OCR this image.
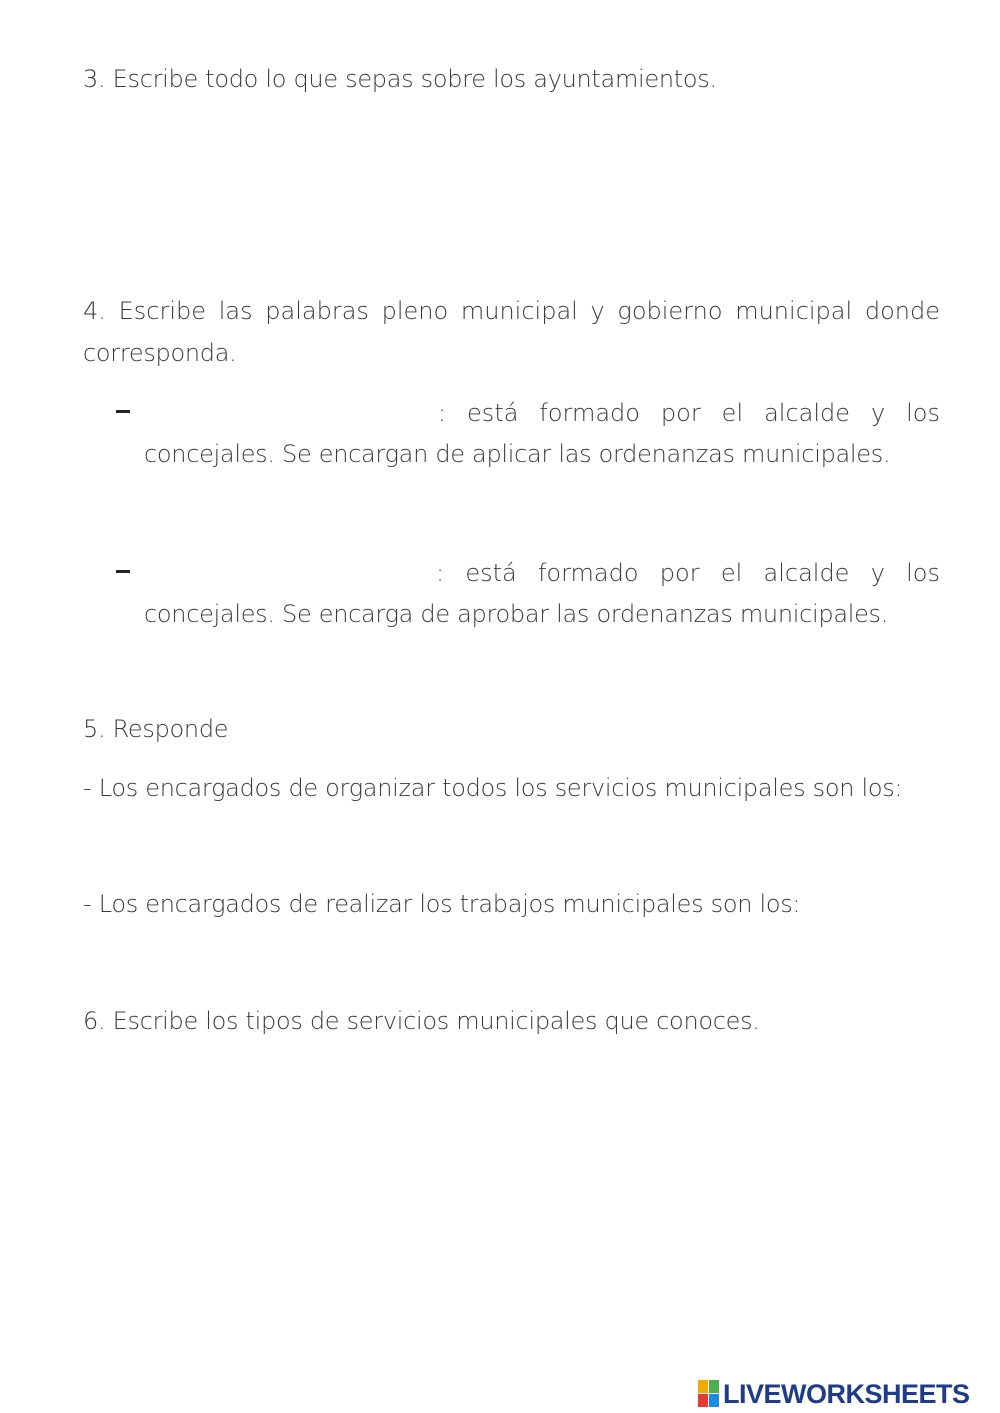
3. Escribe todo lo que sepas sobre los ayuntamientos.

4. Escribe las palabras pleno municipal y gobierno municipal donde

corresponda.

: está formado por el alcalde y los

concejales. Se encargan de aplicar las ordenanzas municipales.

: está formado por el alcalde y los

concejales. Se encarga de aprobar las ordenanzas municipales.

5. Responde

- Los encargados de organizar todos los servicios municipales son los:

- Los encargados de realizar los trabajos municipales son los:

6. Escribe los tipos de servicios municipales que conoces.

LIVEWORKSHEETS
